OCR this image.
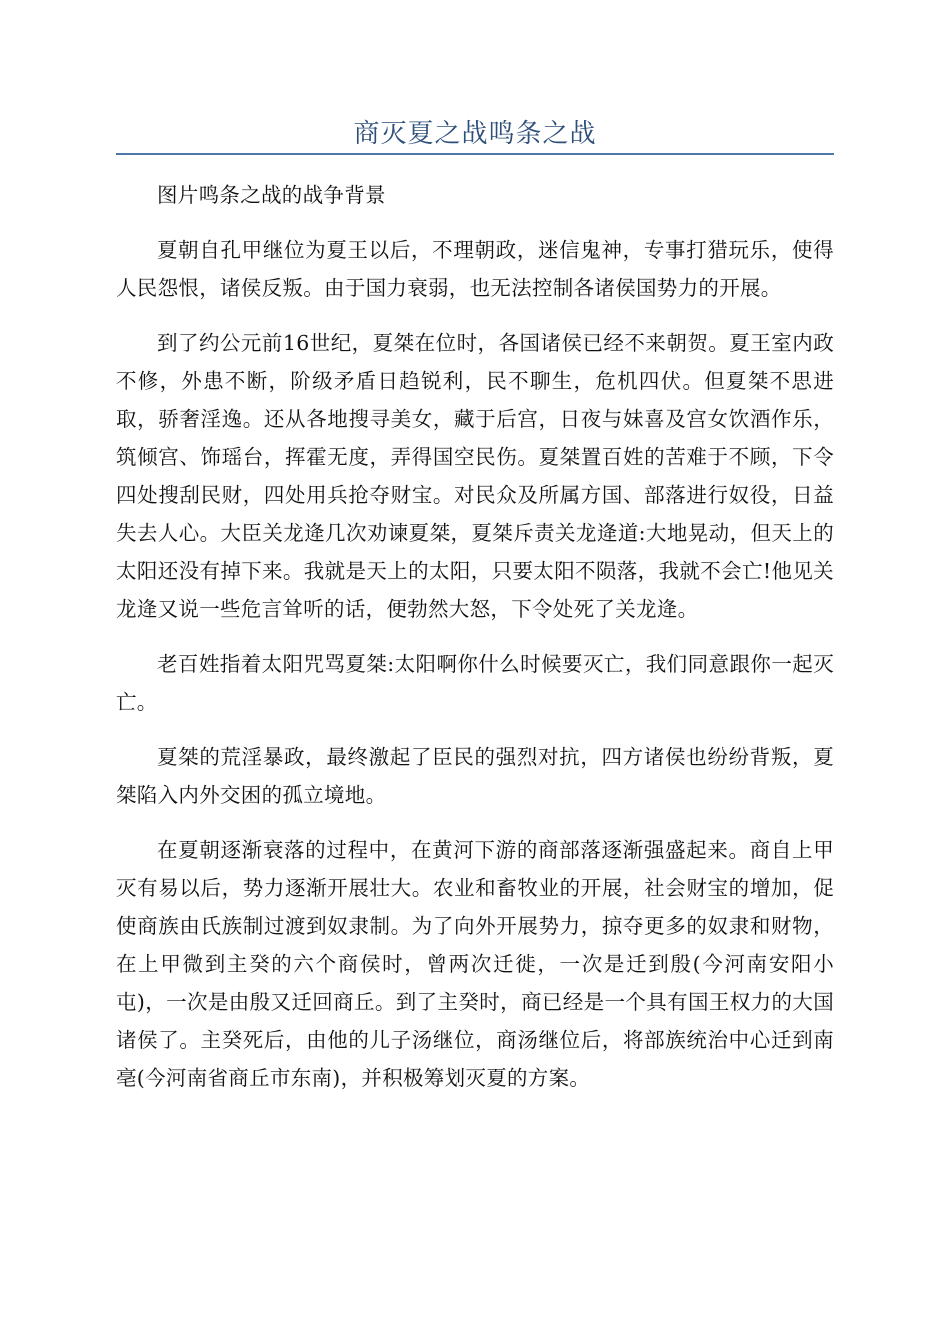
商灭夏之战鸣条之战

图片鸣条之战的战争背景

夏朝自孔甲继位为夏王以后，不理朝政，迷信鬼神，专事打猎玩乐，使得人民怨恨，诸侯反叛。由于国力衰弱，也无法控制各诸侯国势力的开展。

到了约公元前16世纪，夏桀在位时，各国诸侯已经不来朝贺。夏王室内政不修，外患不断，阶级矛盾日趋锐利，民不聊生，危机四伏。但夏桀不思进取，骄奢淫逸。还从各地搜寻美女，藏于后宫，日夜与妹喜及宫女饮酒作乐，筑倾宫、饰瑶台，挥霍无度，弄得国空民伤。夏桀置百姓的苦难于不顾，下令四处搜刮民财，四处用兵抢夺财宝。对民众及所属方国、部落进行奴役，日益失去人心。大臣关龙逄几次劝谏夏桀，夏桀斥责关龙逄道:大地晃动，但天上的太阳还没有掉下来。我就是天上的太阳，只要太阳不陨落，我就不会亡!他见关龙逄又说一些危言耸听的话，便勃然大怒，下令处死了关龙逄。

老百姓指着太阳咒骂夏桀:太阳啊你什么时候要灭亡，我们同意跟你一起灭亡。

夏桀的荒淫暴政，最终激起了臣民的强烈对抗，四方诸侯也纷纷背叛，夏桀陷入内外交困的孤立境地。

在夏朝逐渐衰落的过程中，在黄河下游的商部落逐渐强盛起来。商自上甲灭有易以后，势力逐渐开展壮大。农业和畜牧业的开展，社会财宝的增加，促使商族由氏族制过渡到奴隶制。为了向外开展势力，掠夺更多的奴隶和财物，在上甲微到主癸的六个商侯时，曾两次迁徙，一次是迁到殷(今河南安阳小屯)，一次是由殷又迁回商丘。到了主癸时，商已经是一个具有国王权力的大国诸侯了。主癸死后，由他的儿子汤继位，商汤继位后，将部族统治中心迁到南亳(今河南省商丘市东南)，并积极筹划灭夏的方案。
